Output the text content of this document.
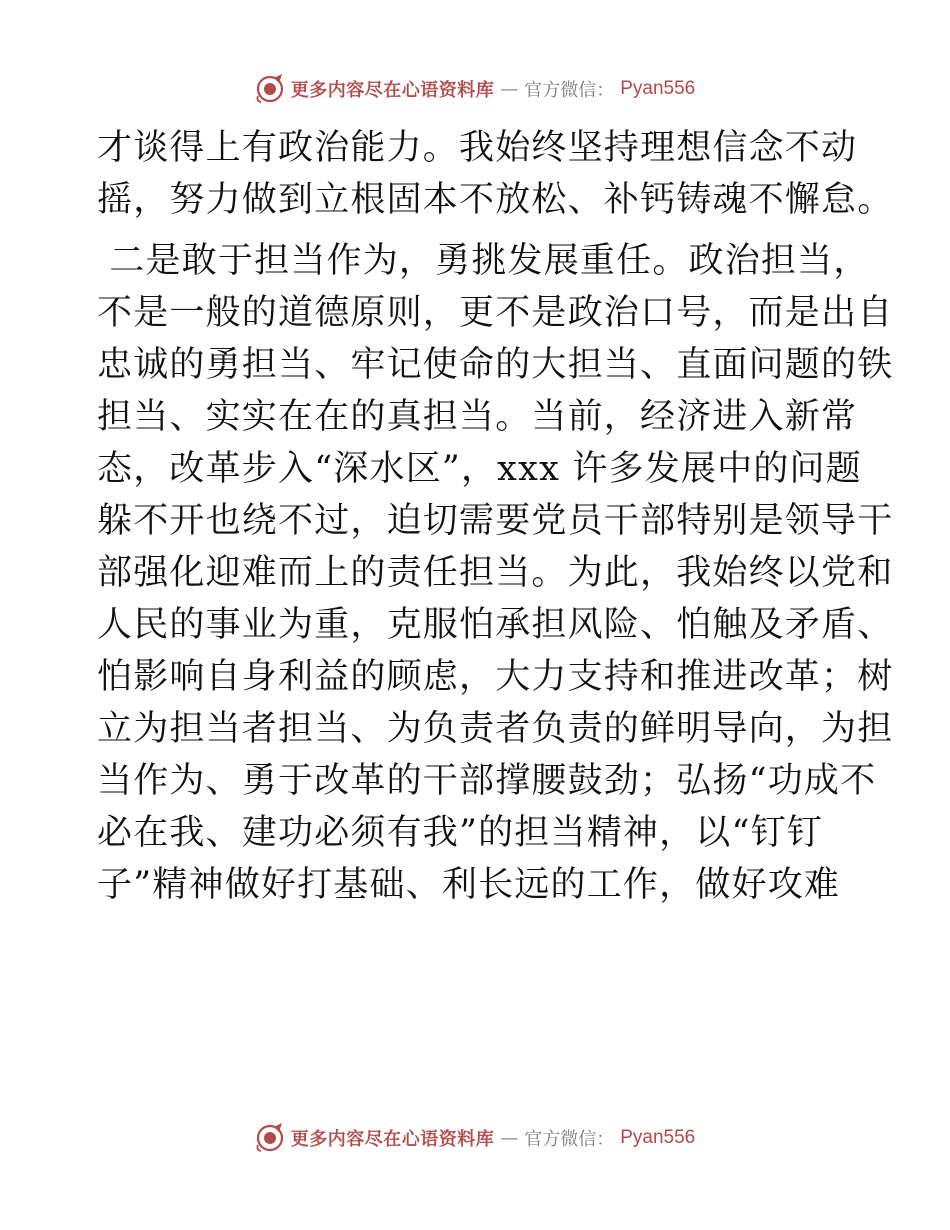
更多内容尽在心语资料库 — 官方微信： Pyan556
才谈得上有政治能力。我始终坚持理想信念不动
摇，努力做到立根固本不放松、补钙铸魂不懈怠。
二是敢于担当作为，勇挑发展重任。政治担当，
不是一般的道德原则，更不是政治口号，而是出自
忠诚的勇担当、牢记使命的大担当、直面问题的铁
担当、实实在在的真担当。当前，经济进入新常
态，改革步入“深水区”，xxx 许多发展中的问题
躲不开也绕不过，迫切需要党员干部特别是领导干
部强化迎难而上的责任担当。为此，我始终以党和
人民的事业为重，克服怕承担风险、怕触及矛盾、
怕影响自身利益的顾虑，大力支持和推进改革；树
立为担当者担当、为负责者负责的鲜明导向，为担
当作为、勇于改革的干部撑腰鼓劲；弘扬“功成不
必在我、建功必须有我”的担当精神，以“钉钉
子”精神做好打基础、利长远的工作，做好攻难
更多内容尽在心语资料库 — 官方微信： Pyan556
